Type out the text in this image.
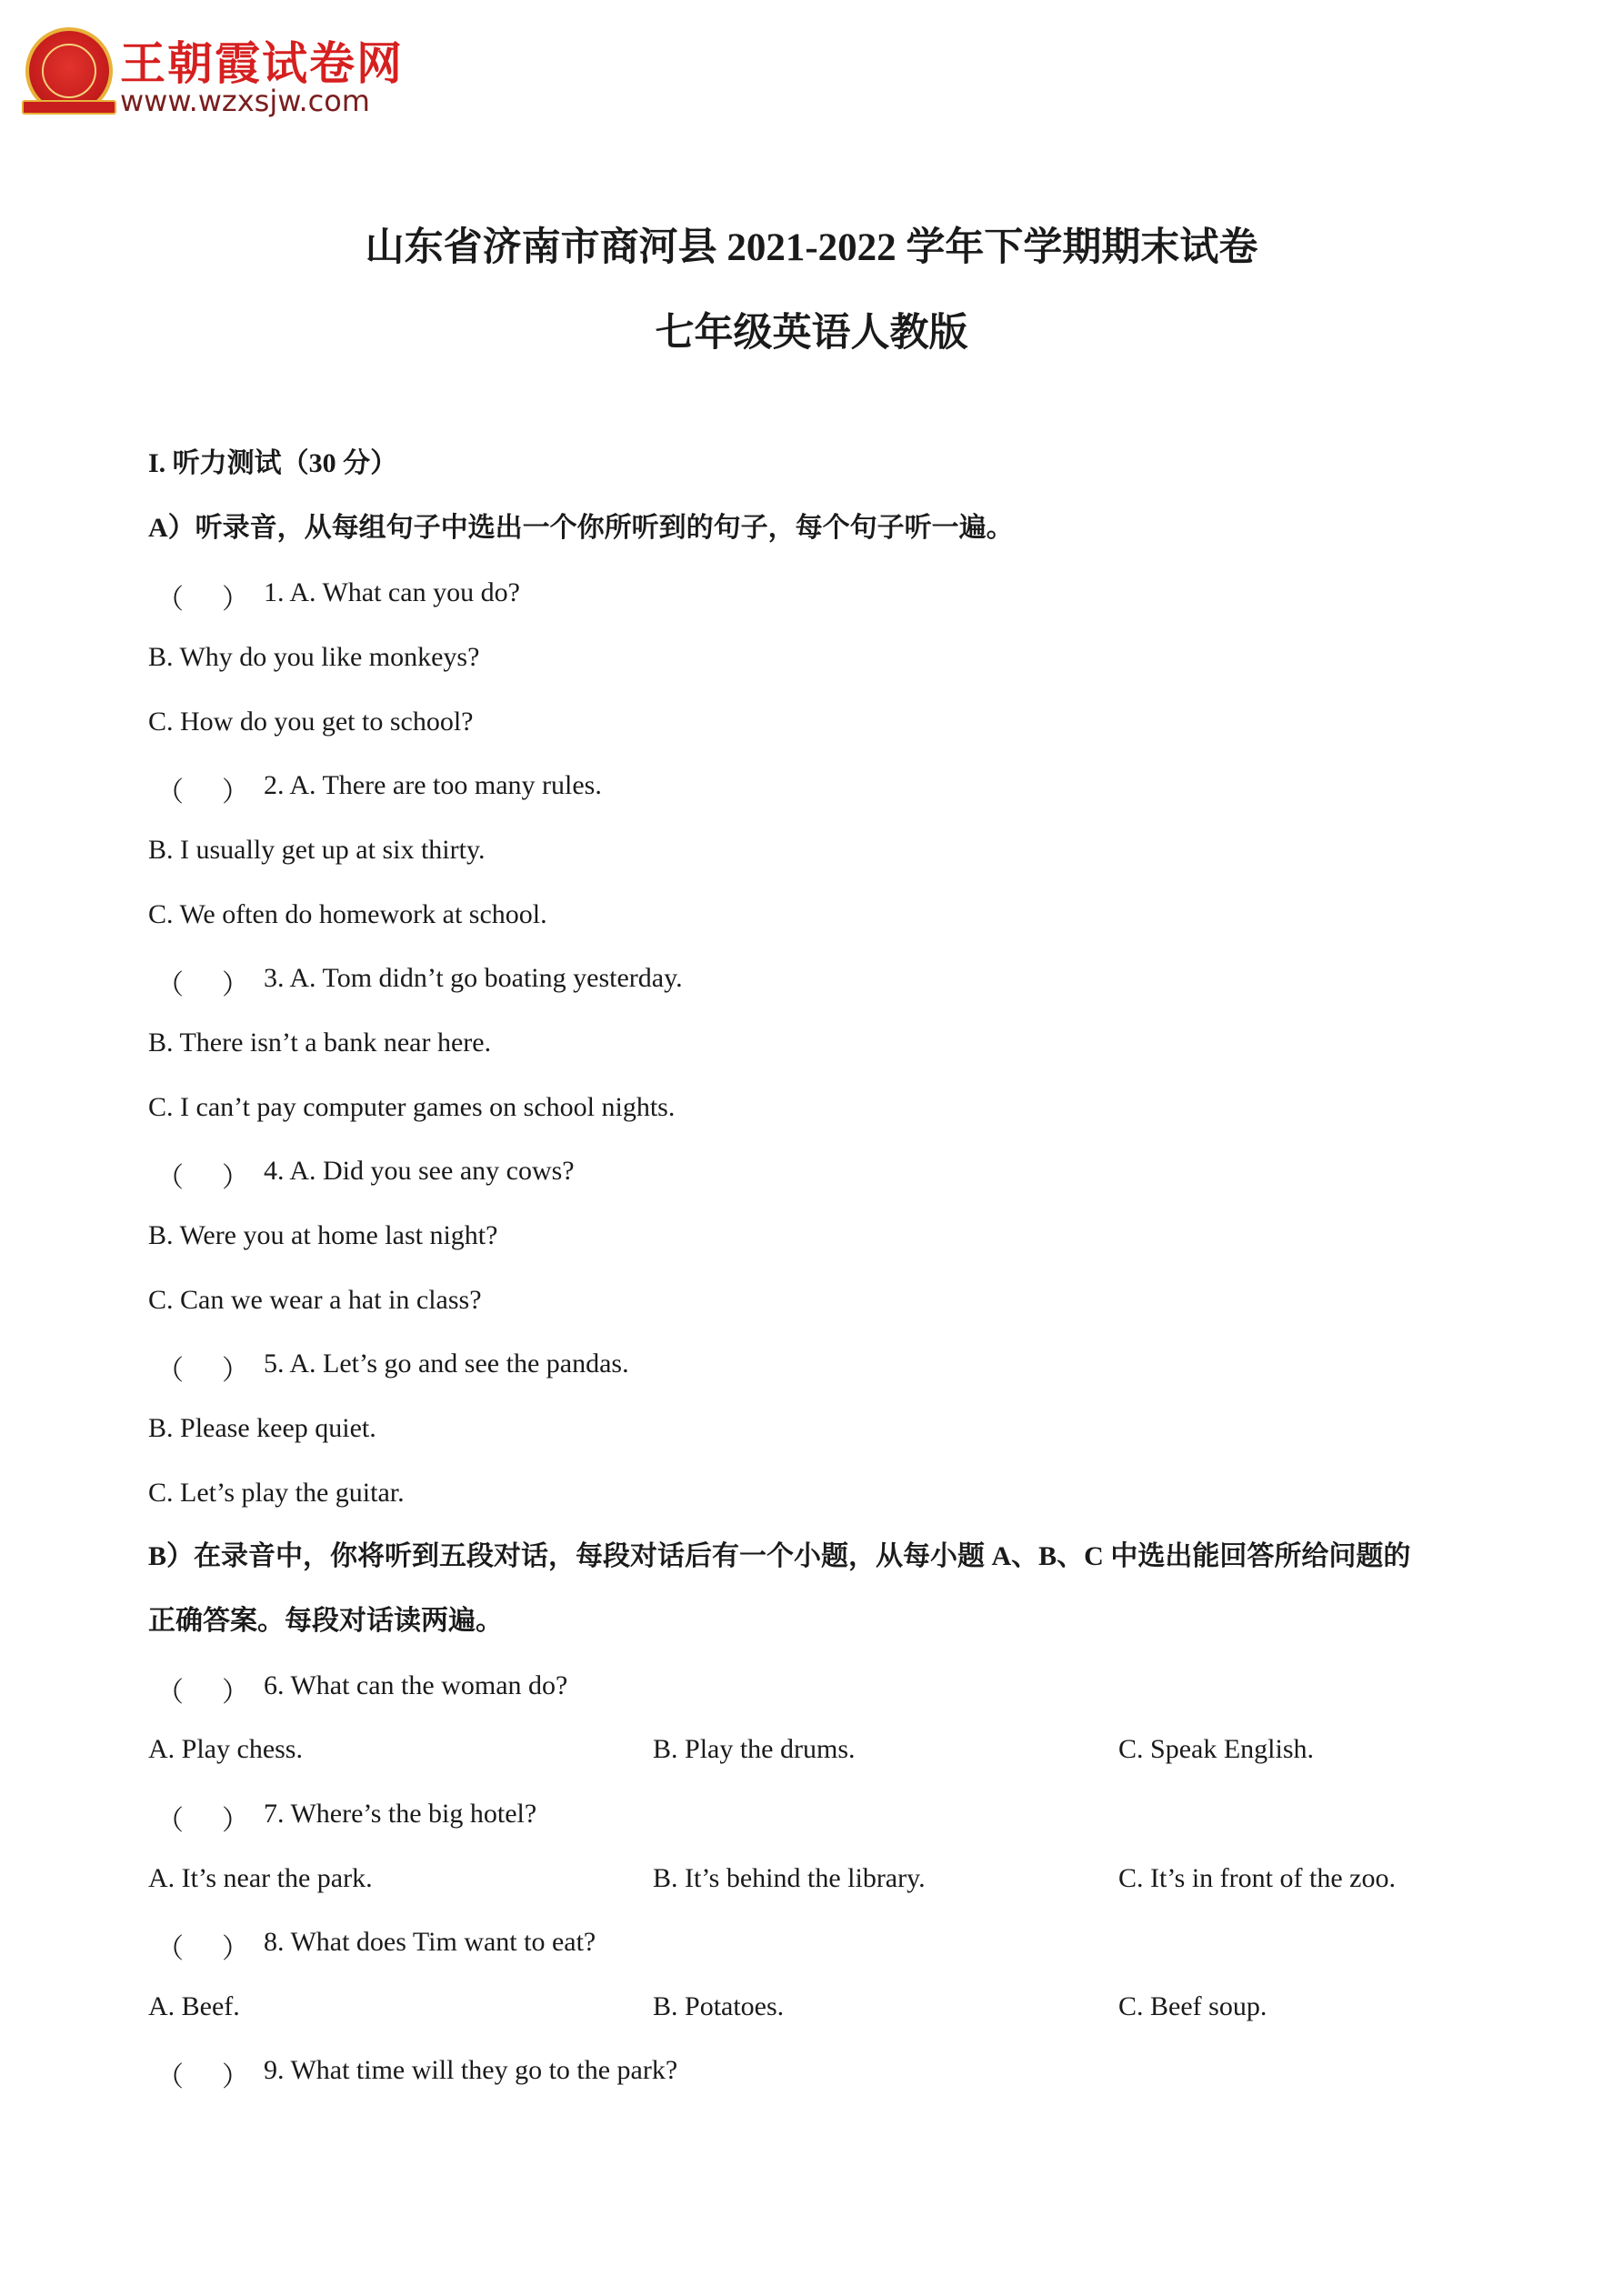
王朝霞试卷网
www.wzxsjw.com
山东省济南市商河县 2021-2022 学年下学期期末试卷
七年级英语人教版
I. 听力测试（30 分）
A）听录音，从每组句子中选出一个你所听到的句子，每个句子听一遍。
（ ） 1. A. What can you do?
B. Why do you like monkeys?
C. How do you get to school?
（ ） 2. A. There are too many rules.
B. I usually get up at six thirty.
C. We often do homework at school.
（ ） 3. A. Tom didn’t go boating yesterday.
B. There isn’t a bank near here.
C. I can’t pay computer games on school nights.
（ ） 4. A. Did you see any cows?
B. Were you at home last night?
C. Can we wear a hat in class?
（ ） 5. A. Let’s go and see the pandas.
B. Please keep quiet.
C. Let’s play the guitar.
B）在录音中，你将听到五段对话，每段对话后有一个小题，从每小题 A、B、C 中选出能回答所给问题的
正确答案。每段对话读两遍。
（ ） 6. What can the woman do?
A. Play chess.	B. Play the drums.	C. Speak English.
（ ） 7. Where’s the big hotel?
A. It’s near the park.	B. It’s behind the library.	C. It’s in front of the zoo.
（ ） 8. What does Tim want to eat?
A. Beef.	B. Potatoes.	C. Beef soup.
（ ） 9. What time will they go to the park?
